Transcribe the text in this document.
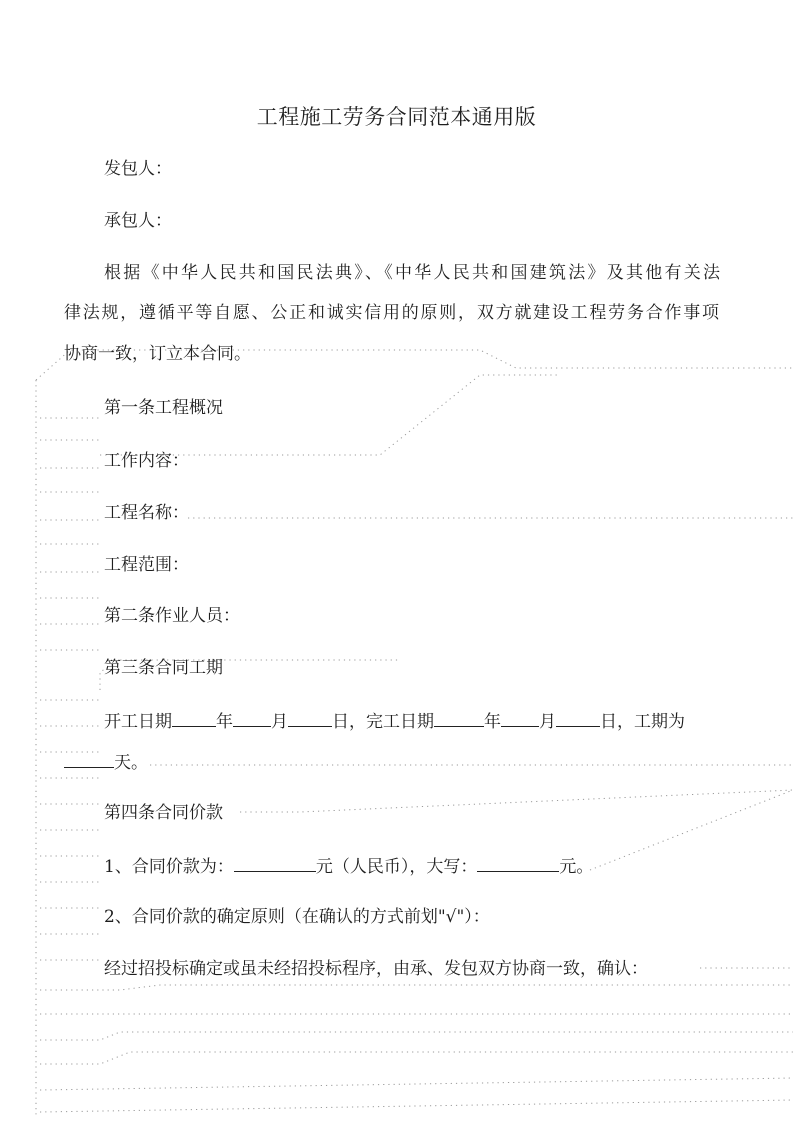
工程施工劳务合同范本通用版
发包人：
承包人：
根据《中华人民共和国民法典》、《中华人民共和国建筑法》及其他有关法
律法规，遵循平等自愿、公正和诚实信用的原则，双方就建设工程劳务合作事项
协商一致，订立本合同。
第一条工程概况
工作内容：
工程名称：
工程范围：
第二条作业人员：
第三条合同工期
开工日期	年 月	日，完工日期	年 月	日，工期为
天。
第四条合同价款
1、合同价款为：	元（人民币），大写：	元。
2、合同价款的确定原则（在确认的方式前划"√"）：
经过招投标确定或虽未经招投标程序，由承、发包双方协商一致，确认：
